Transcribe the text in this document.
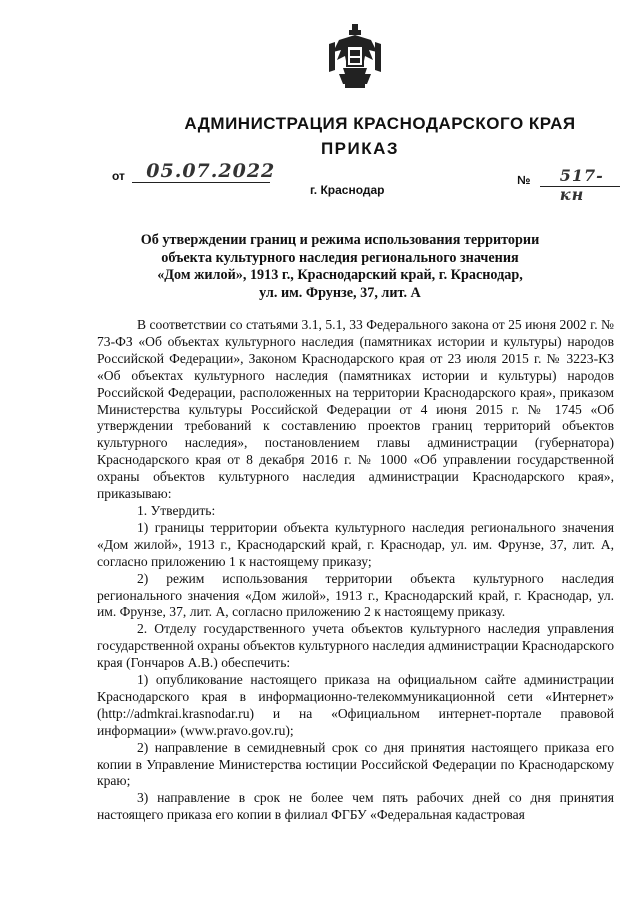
АДМИНИСТРАЦИЯ КРАСНОДАРСКОГО КРАЯ
ПРИКАЗ
от 05.07.2022	№ 517-кн
г. Краснодар
Об утверждении границ и режима использования территории
объекта культурного наследия регионального значения
«Дом жилой», 1913 г., Краснодарский край, г. Краснодар,
ул. им. Фрунзе, 37, лит. А

В соответствии со статьями 3.1, 5.1, 33 Федерального закона от 25 июня 2002 г. № 73-ФЗ «Об объектах культурного наследия (памятниках истории и культуры) народов Российской Федерации», Законом Краснодарского края от 23 июля 2015 г. № 3223-КЗ «Об объектах культурного наследия (памятниках истории и культуры) народов Российской Федерации, расположенных на территории Краснодарского края», приказом Министерства культуры Российской Федерации от 4 июня 2015 г. № 1745 «Об утверждении требований к составлению проектов границ территорий объектов культурного наследия», постановлением главы администрации (губернатора) Краснодарского края от 8 декабря 2016 г. № 1000 «Об управлении государственной охраны объектов культурного наследия администрации Краснодарского края», приказываю:

1. Утвердить:

1) границы территории объекта культурного наследия регионального значения «Дом жилой», 1913 г., Краснодарский край, г. Краснодар, ул. им. Фрунзе, 37, лит. А, согласно приложению 1 к настоящему приказу;

2) режим использования территории объекта культурного наследия регионального значения «Дом жилой», 1913 г., Краснодарский край, г. Краснодар, ул. им. Фрунзе, 37, лит. А, согласно приложению 2 к настоящему приказу.

2. Отделу государственного учета объектов культурного наследия управления государственной охраны объектов культурного наследия администрации Краснодарского края (Гончаров А.В.) обеспечить:

1) опубликование настоящего приказа на официальном сайте администрации Краснодарского края в информационно-телекоммуникационной сети «Интернет» (http://admkrai.krasnodar.ru) и на «Официальном интернет-портале правовой информации» (www.pravo.gov.ru);

2) направление в семидневный срок со дня принятия настоящего приказа его копии в Управление Министерства юстиции Российской Федерации по Краснодарскому краю;

3) направление в срок не более чем пять рабочих дней со дня принятия настоящего приказа его копии в филиал ФГБУ «Федеральная кадастровая
